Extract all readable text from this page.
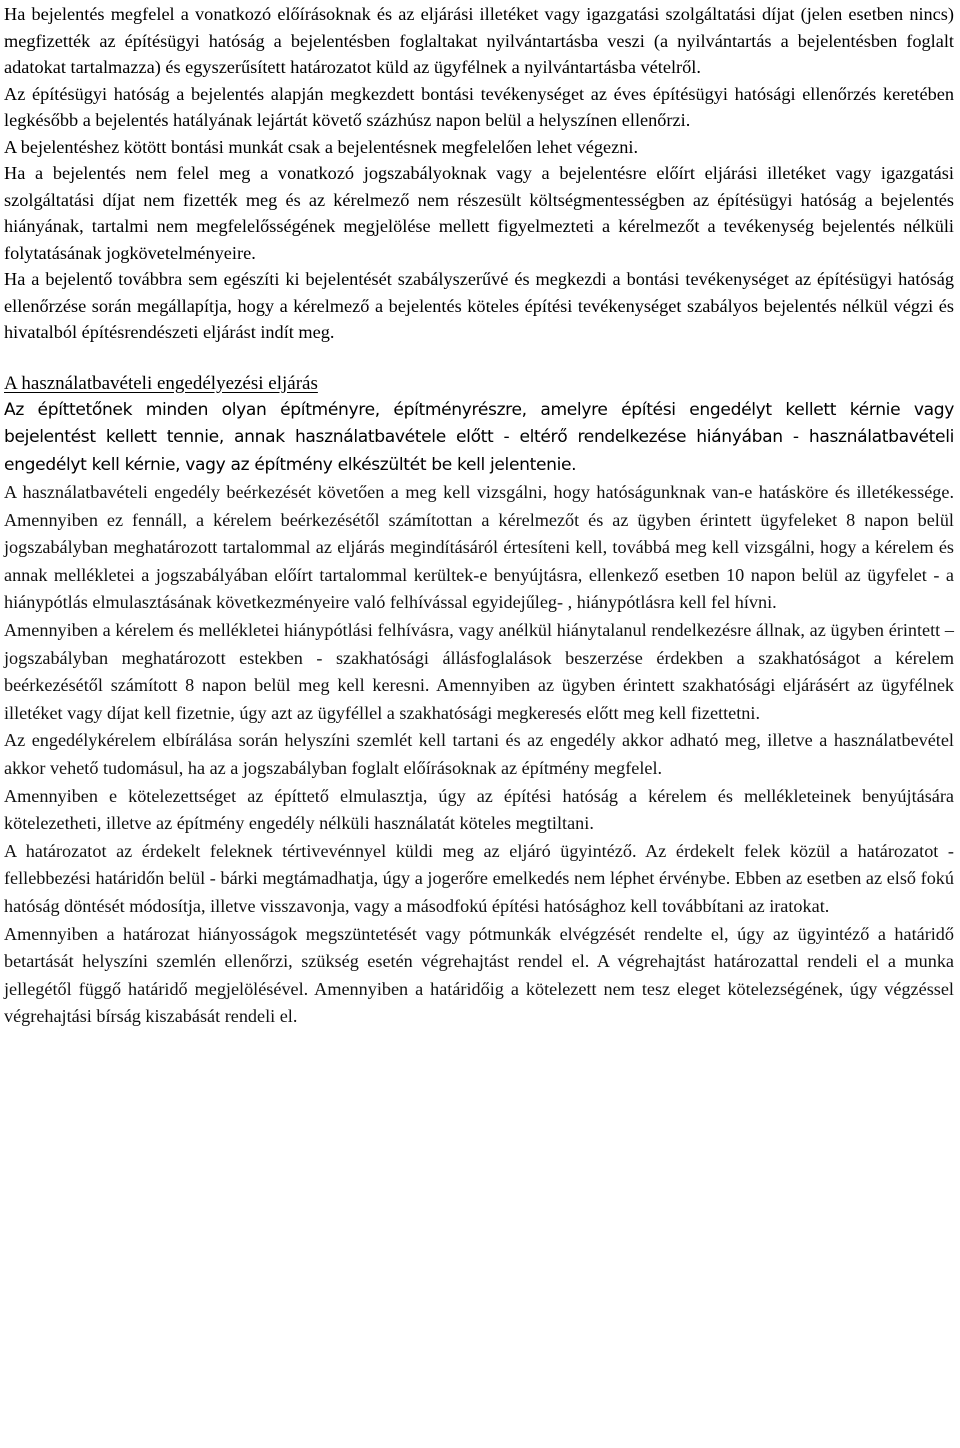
Ha bejelentés megfelel a vonatkozó előírásoknak és az eljárási illetéket vagy igazgatási szolgáltatási díjat (jelen esetben nincs) megfizették az építésügyi hatóság a bejelentésben foglaltakat nyilvántartásba veszi (a nyilvántartás a bejelentésben foglalt adatokat tartalmazza) és egyszerűsített határozatot küld az ügyfélnek a nyilvántartásba vételről.

Az építésügyi hatóság a bejelentés alapján megkezdett bontási tevékenységet az éves építésügyi hatósági ellenőrzés keretében legkésőbb a bejelentés hatályának lejártát követő százhúsz napon belül a helyszínen ellenőrzi.

A bejelentéshez kötött bontási munkát csak a bejelentésnek megfelelően lehet végezni.

Ha a bejelentés nem felel meg a vonatkozó jogszabályoknak vagy a bejelentésre előírt eljárási illetéket vagy igazgatási szolgáltatási díjat nem fizették meg és az kérelmező nem részesült költségmentességben az építésügyi hatóság a bejelentés hiányának, tartalmi nem megfelelősségének megjelölése mellett figyelmezteti a kérelmezőt a tevékenység bejelentés nélküli folytatásának jogkövetelményeire.

Ha a bejelentő továbbra sem egészíti ki bejelentését szabályszerűvé és megkezdi a bontási tevékenységet az építésügyi hatóság ellenőrzése során megállapítja, hogy a kérelmező a bejelentés köteles építési tevékenységet szabályos bejelentés nélkül végzi és hivatalból építésrendészeti eljárást indít meg.

A használatbavételi engedélyezési eljárás

Az építtetőnek minden olyan építményre, építményrészre, amelyre építési engedélyt kellett kérnie vagy bejelentést kellett tennie, annak használatbavétele előtt - eltérő rendelkezése hiányában - használatbavételi engedélyt kell kérnie, vagy az építmény elkészültét be kell jelentenie.

A használatbavételi engedély beérkezését követően a meg kell vizsgálni, hogy hatóságunknak van-e hatásköre és illetékessége. Amennyiben ez fennáll, a kérelem beérkezésétől számítottan a kérelmezőt és az ügyben érintett ügyfeleket 8 napon belül jogszabályban meghatározott tartalommal az eljárás megindításáról értesíteni kell, továbbá meg kell vizsgálni, hogy a kérelem és annak mellékletei a jogszabályában előírt tartalommal kerültek-e benyújtásra, ellenkező esetben 10 napon belül az ügyfelet - a hiánypótlás elmulasztásának következményeire való felhívással egyidejűleg- , hiánypótlásra kell fel hívni.

Amennyiben a kérelem és mellékletei hiánypótlási felhívásra, vagy anélkül hiánytalanul rendelkezésre állnak, az ügyben érintett – jogszabályban meghatározott estekben - szakhatósági állásfoglalások beszerzése érdekben a szakhatóságot a kérelem beérkezésétől számított 8 napon belül meg kell keresni. Amennyiben az ügyben érintett szakhatósági eljárásért az ügyfélnek illetéket vagy díjat kell fizetnie, úgy azt az ügyféllel a szakhatósági megkeresés előtt meg kell fizettetni.

Az engedélykérelem elbírálása során helyszíni szemlét kell tartani és az engedély akkor adható meg, illetve a használatbevétel akkor vehető tudomásul, ha az a jogszabályban foglalt előírásoknak az építmény megfelel.

Amennyiben e kötelezettséget az építtető elmulasztja, úgy az építési hatóság a kérelem és mellékleteinek benyújtására kötelezetheti, illetve az építmény engedély nélküli használatát köteles megtiltani.

A határozatot az érdekelt feleknek tértivevénnyel küldi meg az eljáró ügyintéző. Az érdekelt felek közül a határozatot - fellebbezési határidőn belül - bárki megtámadhatja, úgy a jogerőre emelkedés nem léphet érvénybe. Ebben az esetben az első fokú hatóság döntését módosítja, illetve visszavonja, vagy a másodfokú építési hatósághoz kell továbbítani az iratokat.

Amennyiben a határozat hiányosságok megszüntetését vagy pótmunkák elvégzését rendelte el, úgy az ügyintéző a határidő betartását helyszíni szemlén ellenőrzi, szükség esetén végrehajtást rendel el. A végrehajtást határozattal rendeli el a munka jellegétől függő határidő megjelölésével. Amennyiben a határidőig a kötelezett nem tesz eleget kötelezségének, úgy végzéssel végrehajtási bírság kiszabását rendeli el.
